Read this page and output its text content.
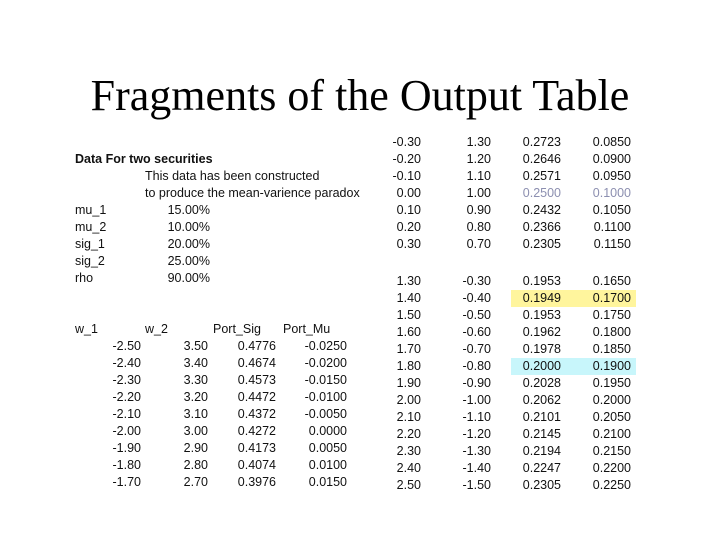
Fragments of the Output Table
Data For two securities
This data has been constructed
to produce the mean-varience paradox
mu_1	15.00%
mu_2	10.00%
sig_1	20.00%
sig_2	25.00%
rho	90.00%
w_1	w_2	Port_Sig Port_Mu
-2.50	3.50	0.4776	-0.0250
-2.40	3.40	0.4674	-0.0200
-2.30	3.30	0.4573	-0.0150
-2.20	3.20	0.4472	-0.0100
-2.10	3.10	0.4372	-0.0050
-2.00	3.00	0.4272	0.0000
-1.90	2.90	0.4173	0.0050
-1.80	2.80	0.4074	0.0100
-1.70	2.70	0.3976	0.0150
-0.30	1.30	0.2723	0.0850
-0.20	1.20	0.2646	0.0900
-0.10	1.10	0.2571	0.0950
0.00	1.00	0.2500	0.1000
0.10	0.90	0.2432	0.1050
0.20	0.80	0.2366	0.1100
0.30	0.70	0.2305	0.1150
1.30	-0.30	0.1953	0.1650
1.40	-0.40	0.1949	0.1700
1.50	-0.50	0.1953	0.1750
1.60	-0.60	0.1962	0.1800
1.70	-0.70	0.1978	0.1850
1.80	-0.80	0.2000	0.1900
1.90	-0.90	0.2028	0.1950
2.00	-1.00	0.2062	0.2000
2.10	-1.10	0.2101	0.2050
2.20	-1.20	0.2145	0.2100
2.30	-1.30	0.2194	0.2150
2.40	-1.40	0.2247	0.2200
2.50	-1.50	0.2305	0.2250
